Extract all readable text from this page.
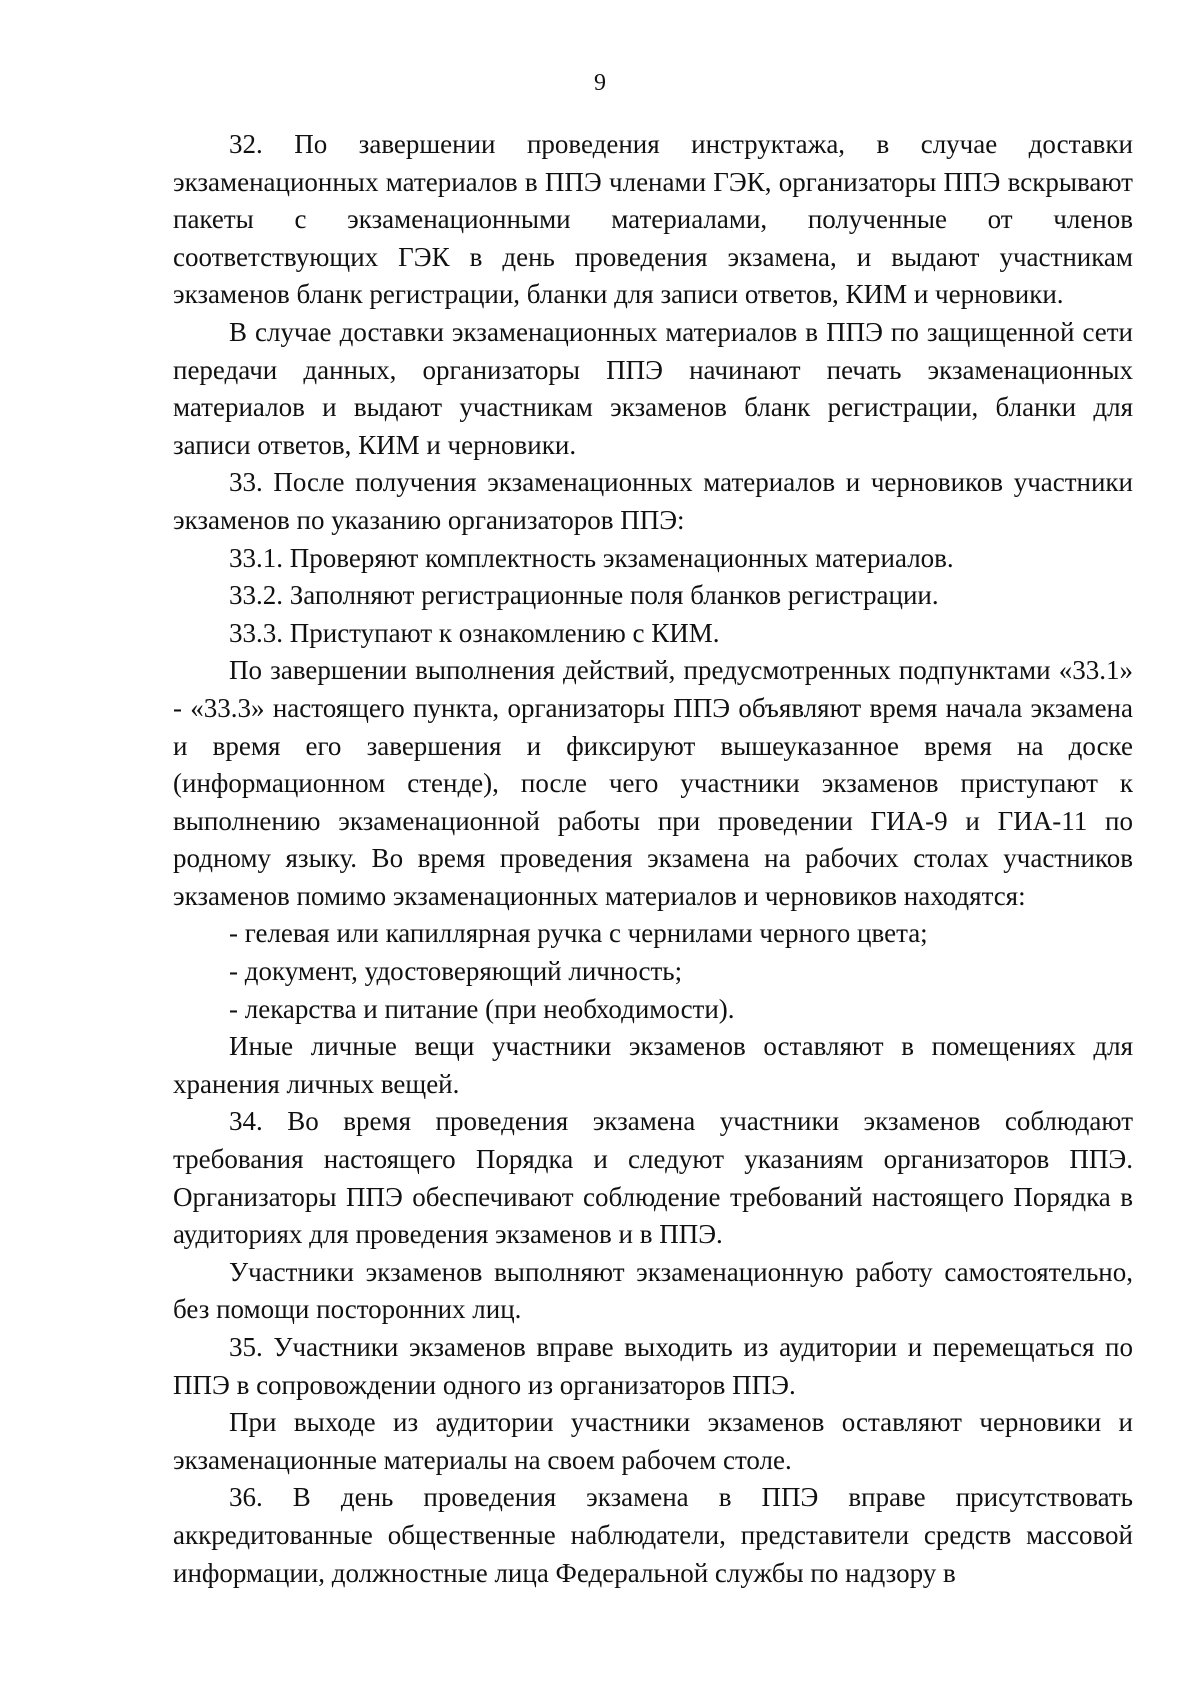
9

32. По завершении проведения инструктажа, в случае доставки экзаменационных материалов в ППЭ членами ГЭК, организаторы ППЭ вскрывают пакеты с экзаменационными материалами, полученные от членов соответствующих ГЭК в день проведения экзамена, и выдают участникам экзаменов бланк регистрации, бланки для записи ответов, КИМ и черновики.

В случае доставки экзаменационных материалов в ППЭ по защищенной сети передачи данных, организаторы ППЭ начинают печать экзаменационных материалов и выдают участникам экзаменов бланк регистрации, бланки для записи ответов, КИМ и черновики.

33. После получения экзаменационных материалов и черновиков участники экзаменов по указанию организаторов ППЭ:

33.1. Проверяют комплектность экзаменационных материалов.

33.2. Заполняют регистрационные поля бланков регистрации.

33.3. Приступают к ознакомлению с КИМ.

По завершении выполнения действий, предусмотренных подпунктами «33.1» - «33.3» настоящего пункта, организаторы ППЭ объявляют время начала экзамена и время его завершения и фиксируют вышеуказанное время на доске (информационном стенде), после чего участники экзаменов приступают к выполнению экзаменационной работы при проведении ГИА-9 и ГИА-11 по родному языку. Во время проведения экзамена на рабочих столах участников экзаменов помимо экзаменационных материалов и черновиков находятся:

- гелевая или капиллярная ручка с чернилами черного цвета;

- документ, удостоверяющий личность;

- лекарства и питание (при необходимости).

Иные личные вещи участники экзаменов оставляют в помещениях для хранения личных вещей.

34. Во время проведения экзамена участники экзаменов соблюдают требования настоящего Порядка и следуют указаниям организаторов ППЭ. Организаторы ППЭ обеспечивают соблюдение требований настоящего Порядка в аудиториях для проведения экзаменов и в ППЭ.

Участники экзаменов выполняют экзаменационную работу самостоятельно, без помощи посторонних лиц.

35. Участники экзаменов вправе выходить из аудитории и перемещаться по ППЭ в сопровождении одного из организаторов ППЭ.

При выходе из аудитории участники экзаменов оставляют черновики и экзаменационные материалы на своем рабочем столе.

36. В день проведения экзамена в ППЭ вправе присутствовать аккредитованные общественные наблюдатели, представители средств массовой информации, должностные лица Федеральной службы по надзору в
